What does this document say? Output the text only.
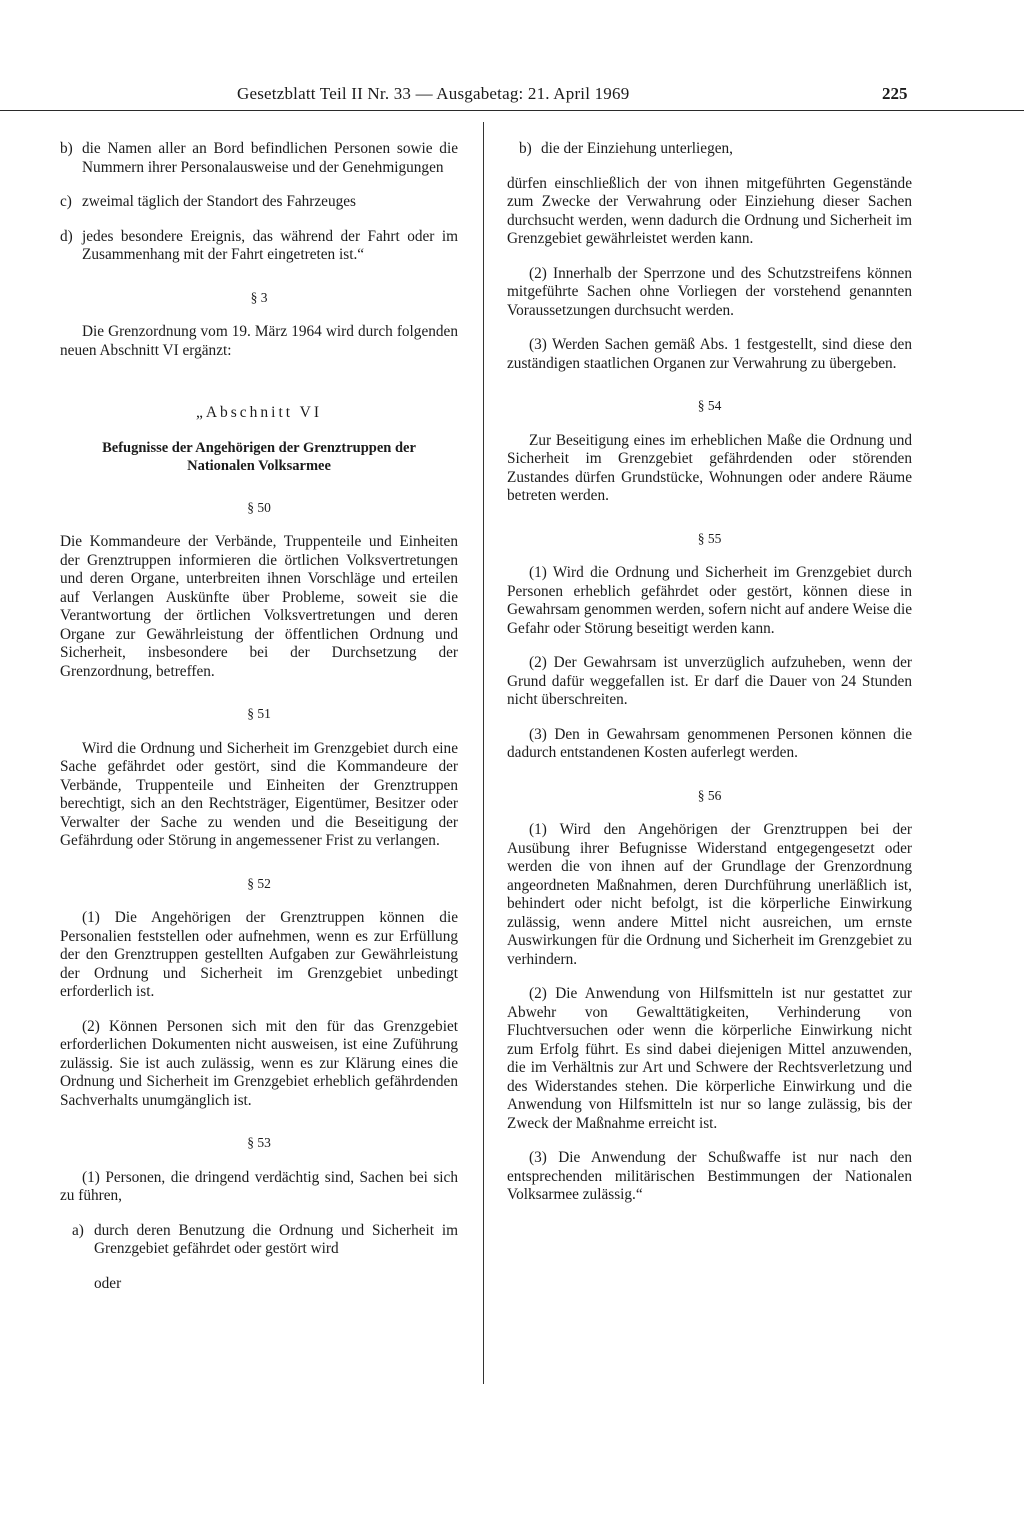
Gesetzblatt Teil II Nr. 33 — Ausgabetag: 21. April 1969	225
b) die Namen aller an Bord befindlichen Personen sowie die Nummern ihrer Personalausweise und der Genehmigungen
c) zweimal täglich der Standort des Fahrzeuges
d) jedes besondere Ereignis, das während der Fahrt oder im Zusammenhang mit der Fahrt eingetreten ist.“

§ 3

Die Grenzordnung vom 19. März 1964 wird durch folgenden neuen Abschnitt VI ergänzt:

„Abschnitt VI

Befugnisse der Angehörigen der Grenztruppen der Nationalen Volksarmee

§ 50

Die Kommandeure der Verbände, Truppenteile und Einheiten der Grenztruppen informieren die örtlichen Volksvertretungen und deren Organe, unterbreiten ihnen Vorschläge und erteilen auf Verlangen Auskünfte über Probleme, soweit sie die Verantwortung der örtlichen Volksvertretungen und deren Organe zur Gewährleistung der öffentlichen Ordnung und Sicherheit, insbesondere bei der Durchsetzung der Grenzordnung, betreffen.

§ 51

Wird die Ordnung und Sicherheit im Grenzgebiet durch eine Sache gefährdet oder gestört, sind die Kommandeure der Verbände, Truppenteile und Einheiten der Grenztruppen berechtigt, sich an den Rechtsträger, Eigentümer, Besitzer oder Verwalter der Sache zu wenden und die Beseitigung der Gefährdung oder Störung in angemessener Frist zu verlangen.

§ 52

(1) Die Angehörigen der Grenztruppen können die Personalien feststellen oder aufnehmen, wenn es zur Erfüllung der den Grenztruppen gestellten Aufgaben zur Gewährleistung der Ordnung und Sicherheit im Grenzgebiet unbedingt erforderlich ist.

(2) Können Personen sich mit den für das Grenzgebiet erforderlichen Dokumenten nicht ausweisen, ist eine Zuführung zulässig. Sie ist auch zulässig, wenn es zur Klärung eines die Ordnung und Sicherheit im Grenzgebiet erheblich gefährdenden Sachverhalts unumgänglich ist.

§ 53

(1) Personen, die dringend verdächtig sind, Sachen bei sich zu führen,

a) durch deren Benutzung die Ordnung und Sicherheit im Grenzgebiet gefährdet oder gestört wird

oder

b) die der Einziehung unterliegen,

dürfen einschließlich der von ihnen mitgeführten Gegenstände zum Zwecke der Verwahrung oder Einziehung dieser Sachen durchsucht werden, wenn dadurch die Ordnung und Sicherheit im Grenzgebiet gewährleistet werden kann.

(2) Innerhalb der Sperrzone und des Schutzstreifens können mitgeführte Sachen ohne Vorliegen der vorstehend genannten Voraussetzungen durchsucht werden.

(3) Werden Sachen gemäß Abs. 1 festgestellt, sind diese den zuständigen staatlichen Organen zur Verwahrung zu übergeben.

§ 54

Zur Beseitigung eines im erheblichen Maße die Ordnung und Sicherheit im Grenzgebiet gefährdenden oder störenden Zustandes dürfen Grundstücke, Wohnungen oder andere Räume betreten werden.

§ 55

(1) Wird die Ordnung und Sicherheit im Grenzgebiet durch Personen erheblich gefährdet oder gestört, können diese in Gewahrsam genommen werden, sofern nicht auf andere Weise die Gefahr oder Störung beseitigt werden kann.

(2) Der Gewahrsam ist unverzüglich aufzuheben, wenn der Grund dafür weggefallen ist. Er darf die Dauer von 24 Stunden nicht überschreiten.

(3) Den in Gewahrsam genommenen Personen können die dadurch entstandenen Kosten auferlegt werden.

§ 56

(1) Wird den Angehörigen der Grenztruppen bei der Ausübung ihrer Befugnisse Widerstand entgegengesetzt oder werden die von ihnen auf der Grundlage der Grenzordnung angeordneten Maßnahmen, deren Durchführung unerläßlich ist, behindert oder nicht befolgt, ist die körperliche Einwirkung zulässig, wenn andere Mittel nicht ausreichen, um ernste Auswirkungen für die Ordnung und Sicherheit im Grenzgebiet zu verhindern.

(2) Die Anwendung von Hilfsmitteln ist nur gestattet zur Abwehr von Gewalttätigkeiten, Verhinderung von Fluchtversuchen oder wenn die körperliche Einwirkung nicht zum Erfolg führt. Es sind dabei diejenigen Mittel anzuwenden, die im Verhältnis zur Art und Schwere der Rechtsverletzung und des Widerstandes stehen. Die körperliche Einwirkung und die Anwendung von Hilfsmitteln ist nur so lange zulässig, bis der Zweck der Maßnahme erreicht ist.

(3) Die Anwendung der Schußwaffe ist nur nach den entsprechenden militärischen Bestimmungen der Nationalen Volksarmee zulässig.“
